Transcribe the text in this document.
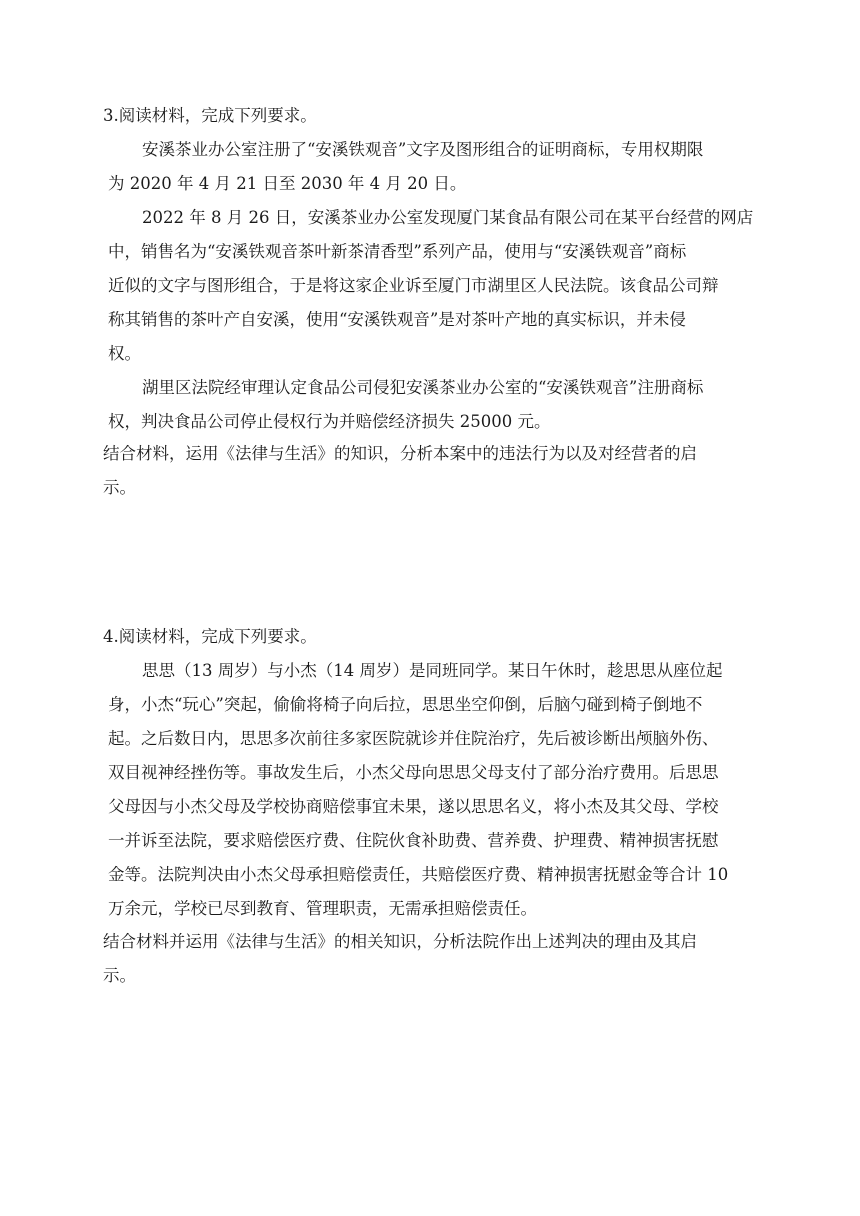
3.阅读材料，完成下列要求。
安溪茶业办公室注册了“安溪铁观音”文字及图形组合的证明商标，专用权期限
为 2020 年 4 月 21 日至 2030 年 4 月 20 日。
2022 年 8 月 26 日，安溪茶业办公室发现厦门某食品有限公司在某平台经营的网店
中，销售名为“安溪铁观音茶叶新茶清香型”系列产品，使用与“安溪铁观音”商标
近似的文字与图形组合，于是将这家企业诉至厦门市湖里区人民法院。该食品公司辩
称其销售的茶叶产自安溪，使用“安溪铁观音”是对茶叶产地的真实标识，并未侵
权。
湖里区法院经审理认定食品公司侵犯安溪茶业办公室的“安溪铁观音”注册商标
权，判决食品公司停止侵权行为并赔偿经济损失 25000 元。
结合材料，运用《法律与生活》的知识，分析本案中的违法行为以及对经营者的启
示。
4.阅读材料，完成下列要求。
思思（13 周岁）与小杰（14 周岁）是同班同学。某日午休时，趁思思从座位起
身，小杰“玩心”突起，偷偷将椅子向后拉，思思坐空仰倒，后脑勺碰到椅子倒地不
起。之后数日内，思思多次前往多家医院就诊并住院治疗，先后被诊断出颅脑外伤、
双目视神经挫伤等。事故发生后，小杰父母向思思父母支付了部分治疗费用。后思思
父母因与小杰父母及学校协商赔偿事宜未果，遂以思思名义，将小杰及其父母、学校
一并诉至法院，要求赔偿医疗费、住院伙食补助费、营养费、护理费、精神损害抚慰
金等。法院判决由小杰父母承担赔偿责任，共赔偿医疗费、精神损害抚慰金等合计 10
万余元，学校已尽到教育、管理职责，无需承担赔偿责任。
结合材料并运用《法律与生活》的相关知识，分析法院作出上述判决的理由及其启
示。
